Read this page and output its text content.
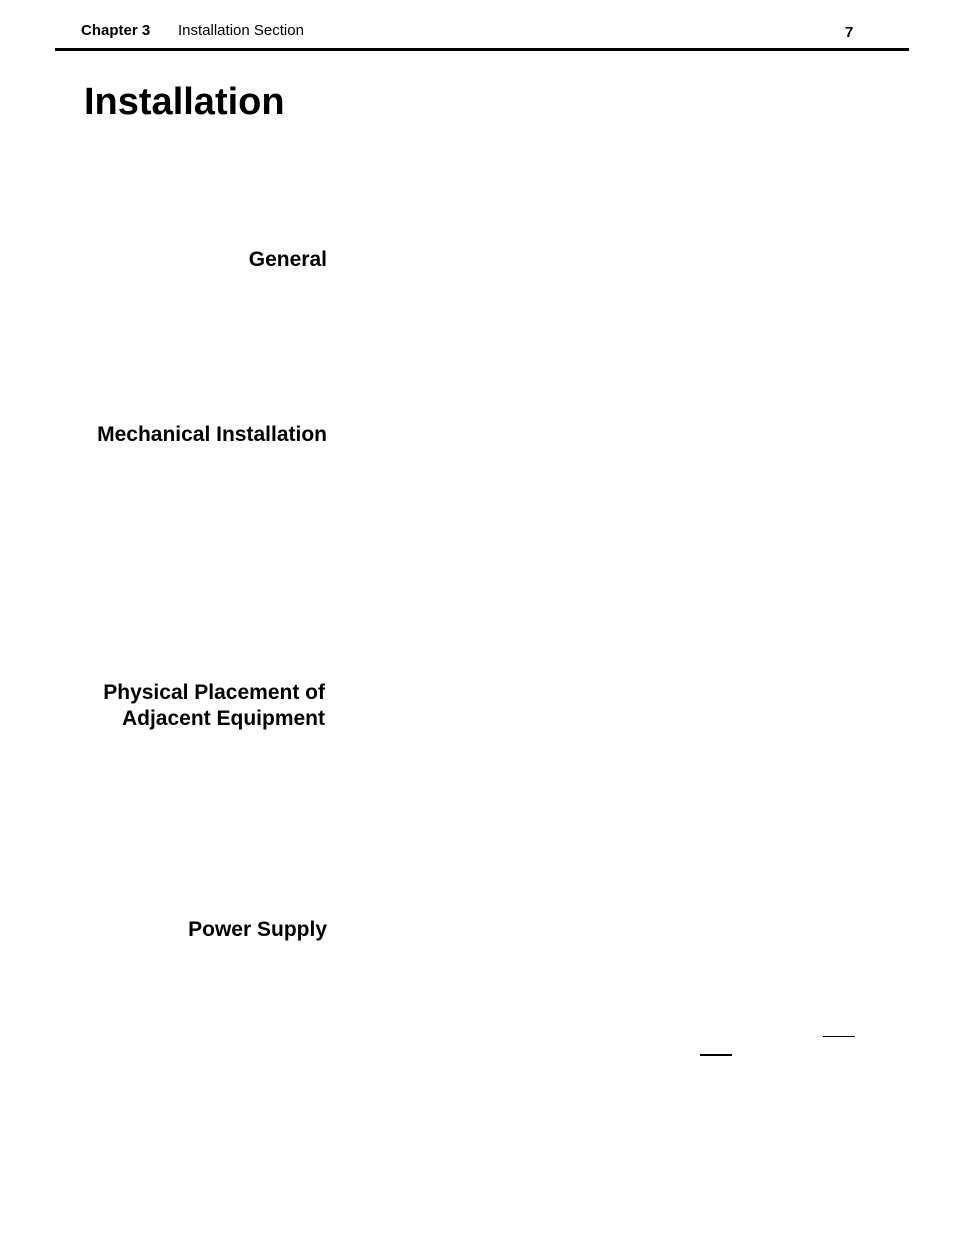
Chapter 3 Installation Section	7
Installation
General
Mechanical Installation
Physical Placement of
Adjacent Equipment
Power Supply
